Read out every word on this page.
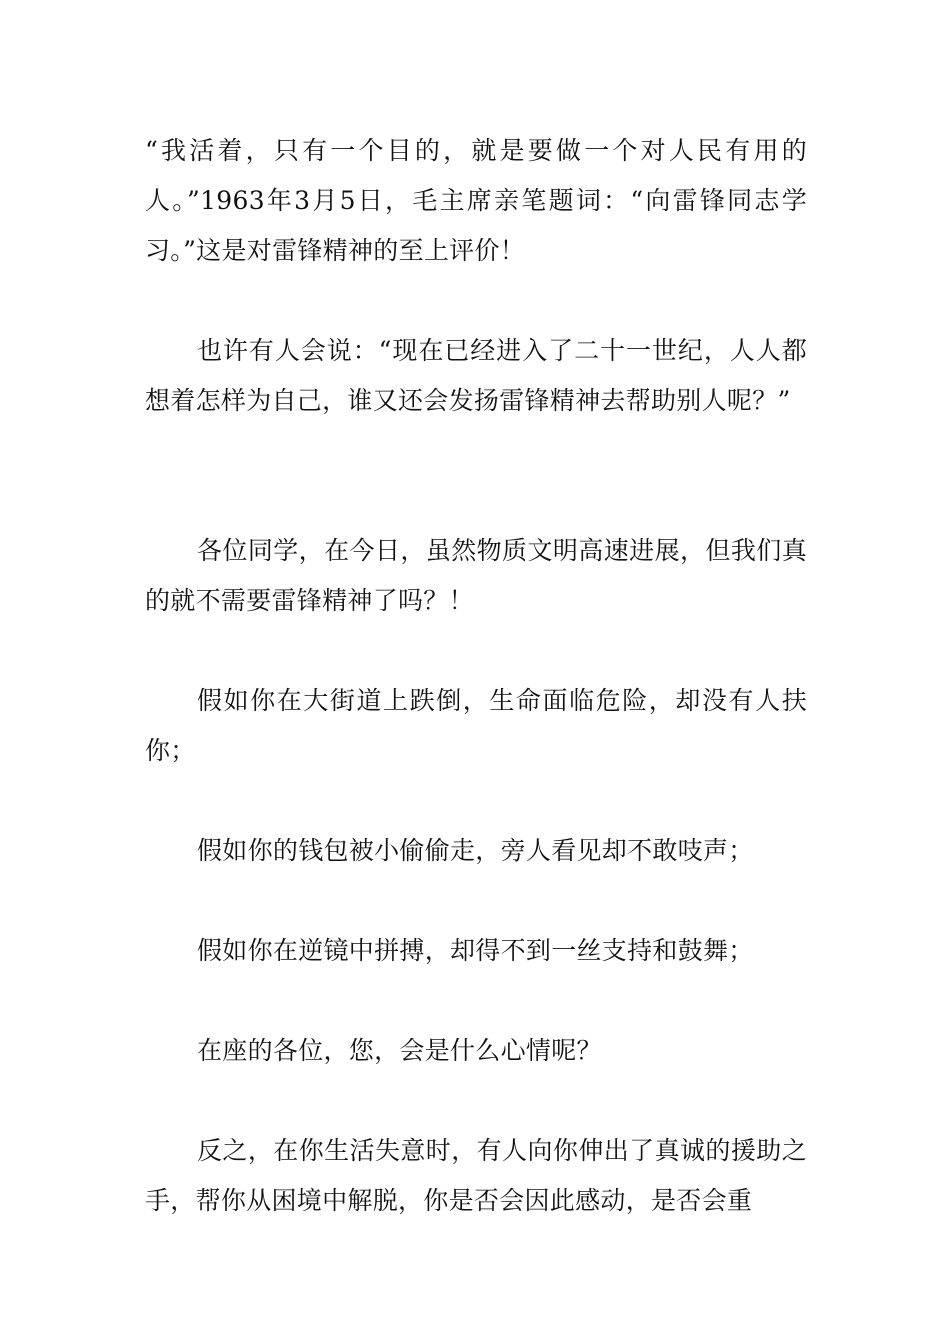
“我活着，只有一个目的，就是要做一个对人民有用的人。”1963年3月5日，毛主席亲笔题词：“向雷锋同志学习。”这是对雷锋精神的至上评价！

也许有人会说：“现在已经进入了二十一世纪，人人都想着怎样为自己，谁又还会发扬雷锋精神去帮助别人呢？”

各位同学，在今日，虽然物质文明高速进展，但我们真的就不需要雷锋精神了吗？！

假如你在大街道上跌倒，生命面临危险，却没有人扶你；

假如你的钱包被小偷偷走，旁人看见却不敢吱声；

假如你在逆镜中拼搏，却得不到一丝支持和鼓舞；

在座的各位，您，会是什么心情呢？

反之，在你生活失意时，有人向你伸出了真诚的援助之手，帮你从困境中解脱，你是否会因此感动，是否会重
